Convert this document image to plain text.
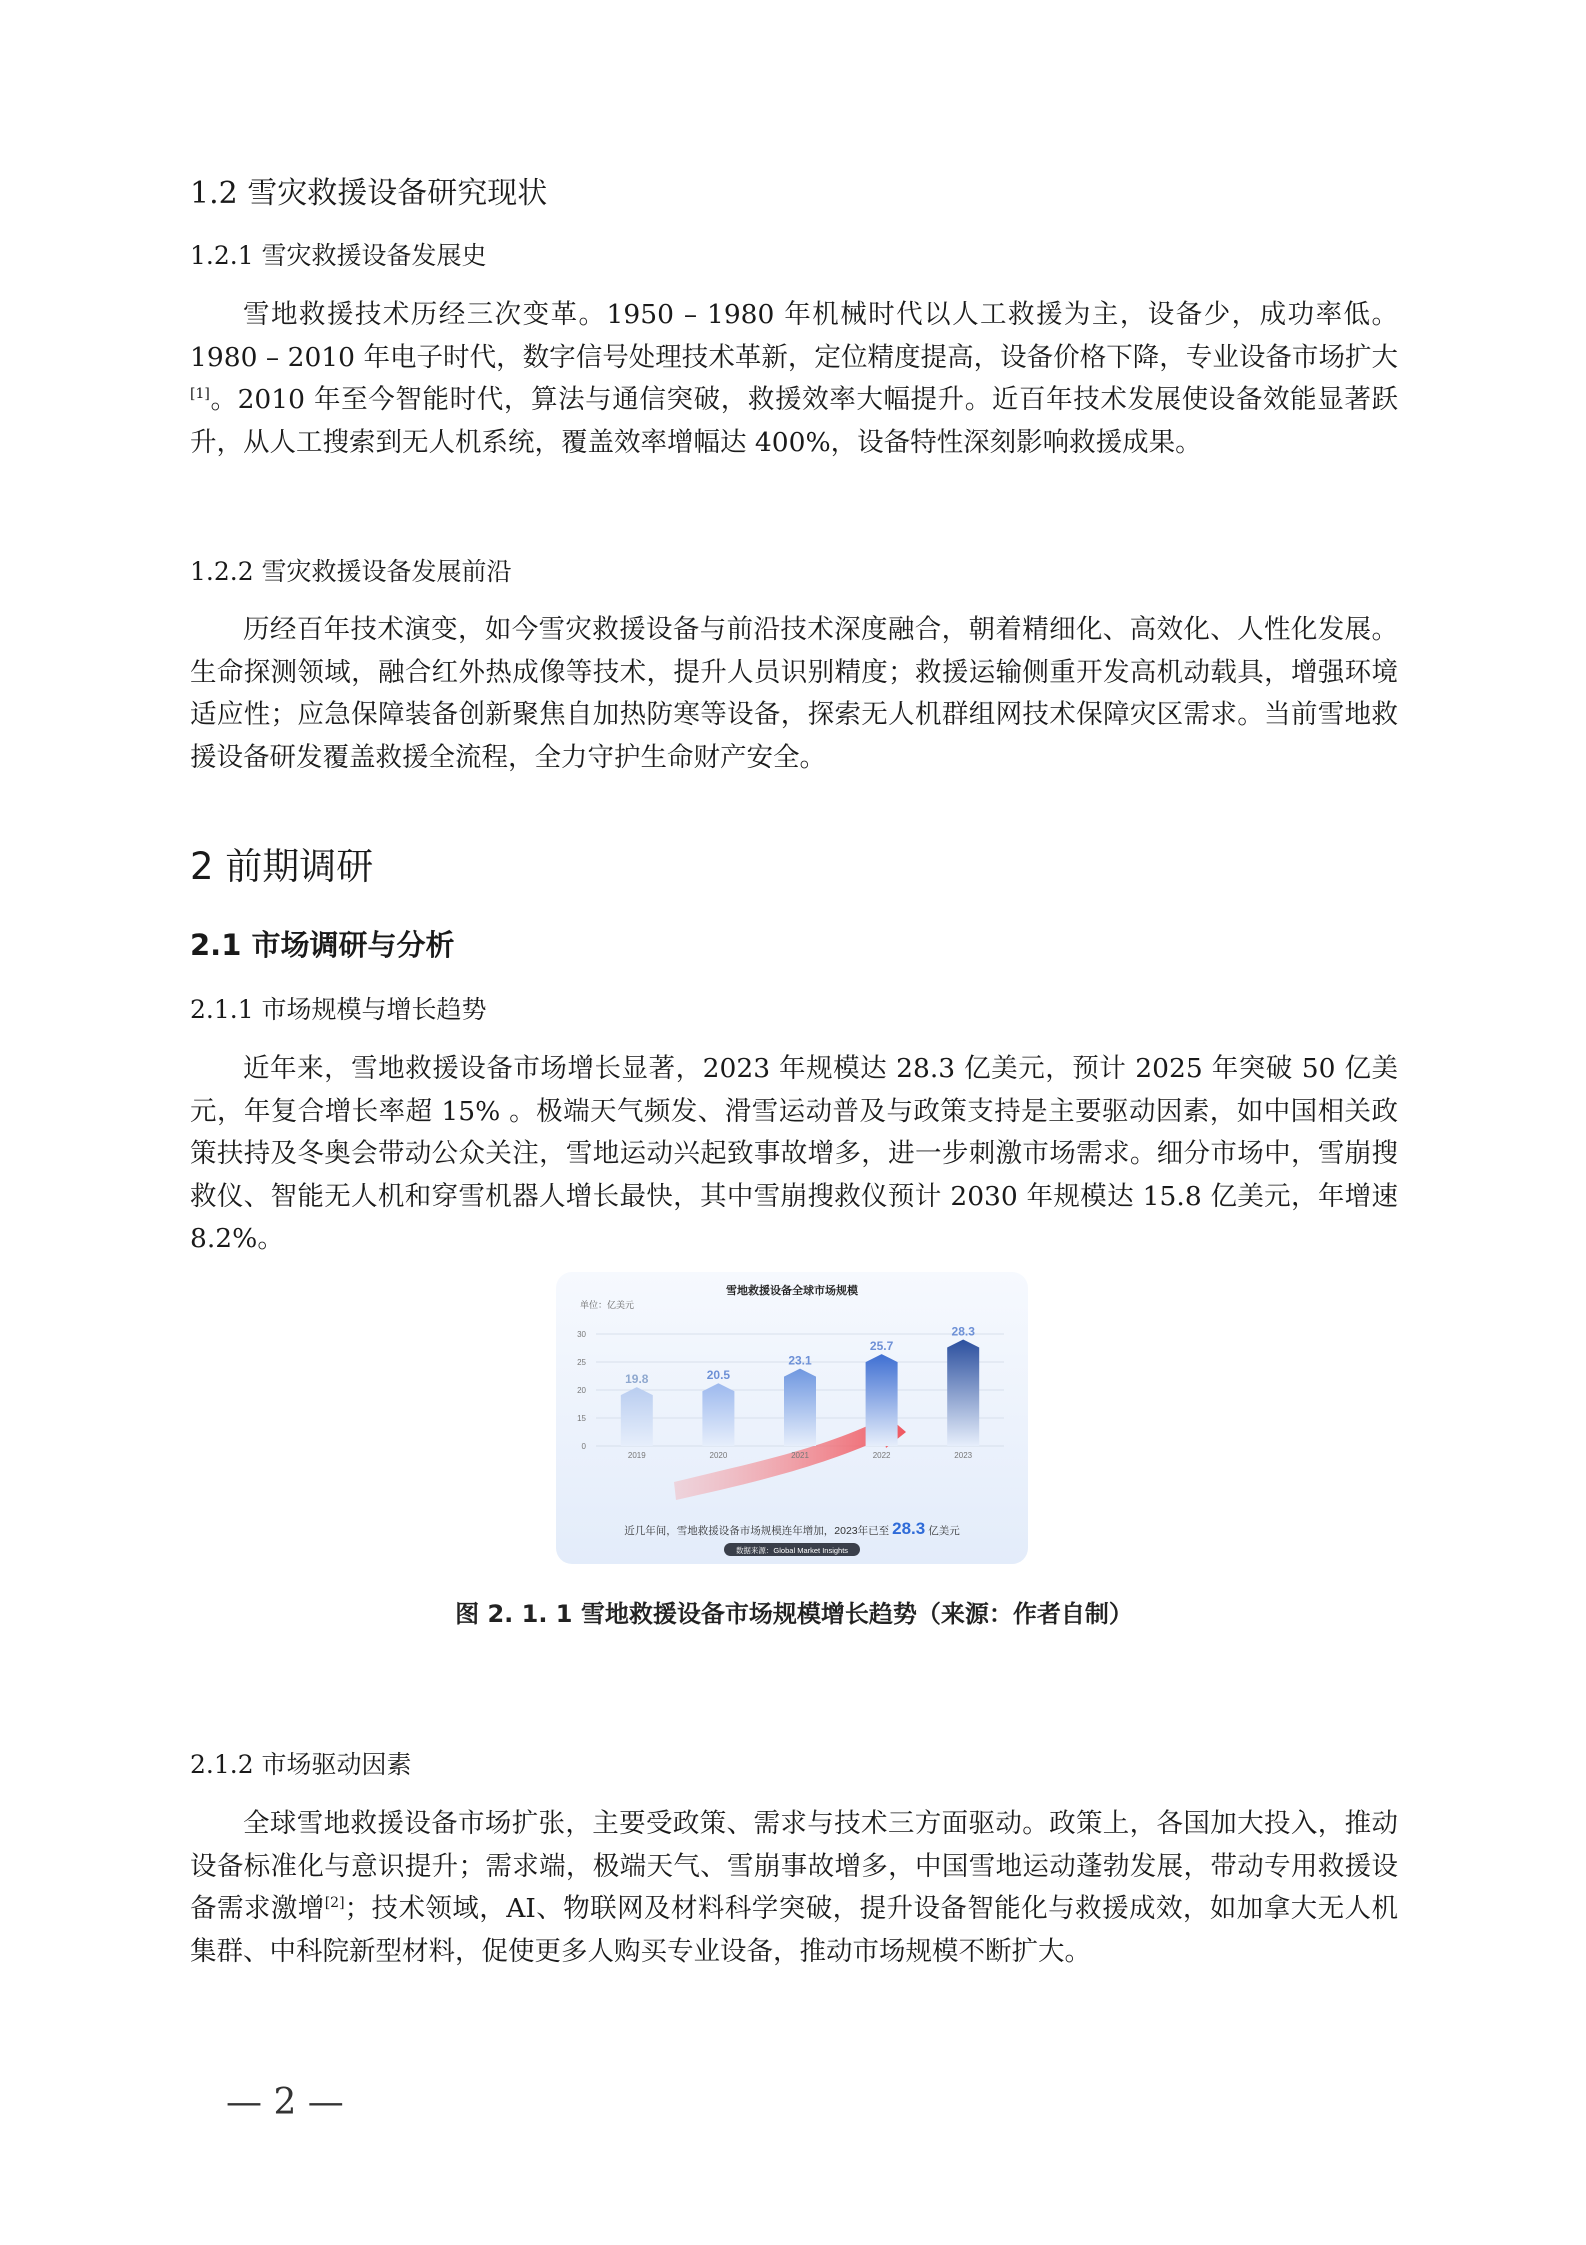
1.2 雪灾救援设备研究现状
1.2.1 雪灾救援设备发展史

雪地救援技术历经三次变革。1950 – 1980 年机械时代以人工救援为主，设备少，成功率低。1980 – 2010 年电子时代，数字信号处理技术革新，定位精度提高，设备价格下降，专业设备市场扩大[1]。2010 年至今智能时代，算法与通信突破，救援效率大幅提升。近百年技术发展使设备效能显著跃升，从人工搜索到无人机系统，覆盖效率增幅达 400%，设备特性深刻影响救援成果。

1.2.2 雪灾救援设备发展前沿

历经百年技术演变，如今雪灾救援设备与前沿技术深度融合，朝着精细化、高效化、人性化发展。生命探测领域，融合红外热成像等技术，提升人员识别精度；救援运输侧重开发高机动载具，增强环境适应性；应急保障装备创新聚焦自加热防寒等设备，探索无人机群组网技术保障灾区需求。当前雪地救援设备研发覆盖救援全流程，全力守护生命财产安全。

2 前期调研
2.1 市场调研与分析
2.1.1 市场规模与增长趋势

近年来，雪地救援设备市场增长显著，2023 年规模达 28.3 亿美元，预计 2025 年突破 50 亿美元，年复合增长率超 15% 。极端天气频发、滑雪运动普及与政策支持是主要驱动因素，如中国相关政策扶持及冬奥会带动公众关注，雪地运动兴起致事故增多，进一步刺激市场需求。细分市场中，雪崩搜救仪、智能无人机和穿雪机器人增长最快，其中雪崩搜救仪预计 2030 年规模达 15.8 亿美元，年增速 8.2%。

雪地救援设备全球市场规模
单位：亿美元
30
25
20
15
0
19.8	20.5
23.1
25.7
28.3
2019	2020	2021	2022	2023
近几年间，雪地救援设备市场规模连年增加，2023年已至 28.3 亿美元
数据来源：Global Market Insights
图 2. 1. 1 雪地救援设备市场规模增长趋势（来源：作者自制）
2.1.2 市场驱动因素

全球雪地救援设备市场扩张，主要受政策、需求与技术三方面驱动。政策上，各国加大投入，推动设备标准化与意识提升；需求端，极端天气、雪崩事故增多，中国雪地运动蓬勃发展，带动专用救援设备需求激增[2]；技术领域，AI、物联网及材料科学突破，提升设备智能化与救援成效，如加拿大无人机集群、中科院新型材料，促使更多人购买专业设备，推动市场规模不断扩大。

— 2 —
